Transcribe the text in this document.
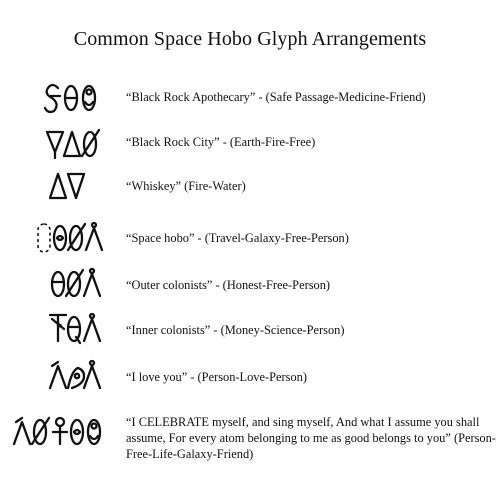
Common Space Hobo Glyph Arrangements
“Black Rock Apothecary” - (Safe Passage-Medicine-Friend)
“Black Rock City” - (Earth-Fire-Free)
“Whiskey” (Fire-Water)
“Space hobo” - (Travel-Galaxy-Free-Person)
“Outer colonists” - (Honest-Free-Person)
“Inner colonists” - (Money-Science-Person)
“I love you” - (Person-Love-Person)
“I CELEBRATE myself, and sing myself, And what I assume you shall assume, For every atom belonging to me as good belongs to you” (Person-Free-Life-Galaxy-Friend)
